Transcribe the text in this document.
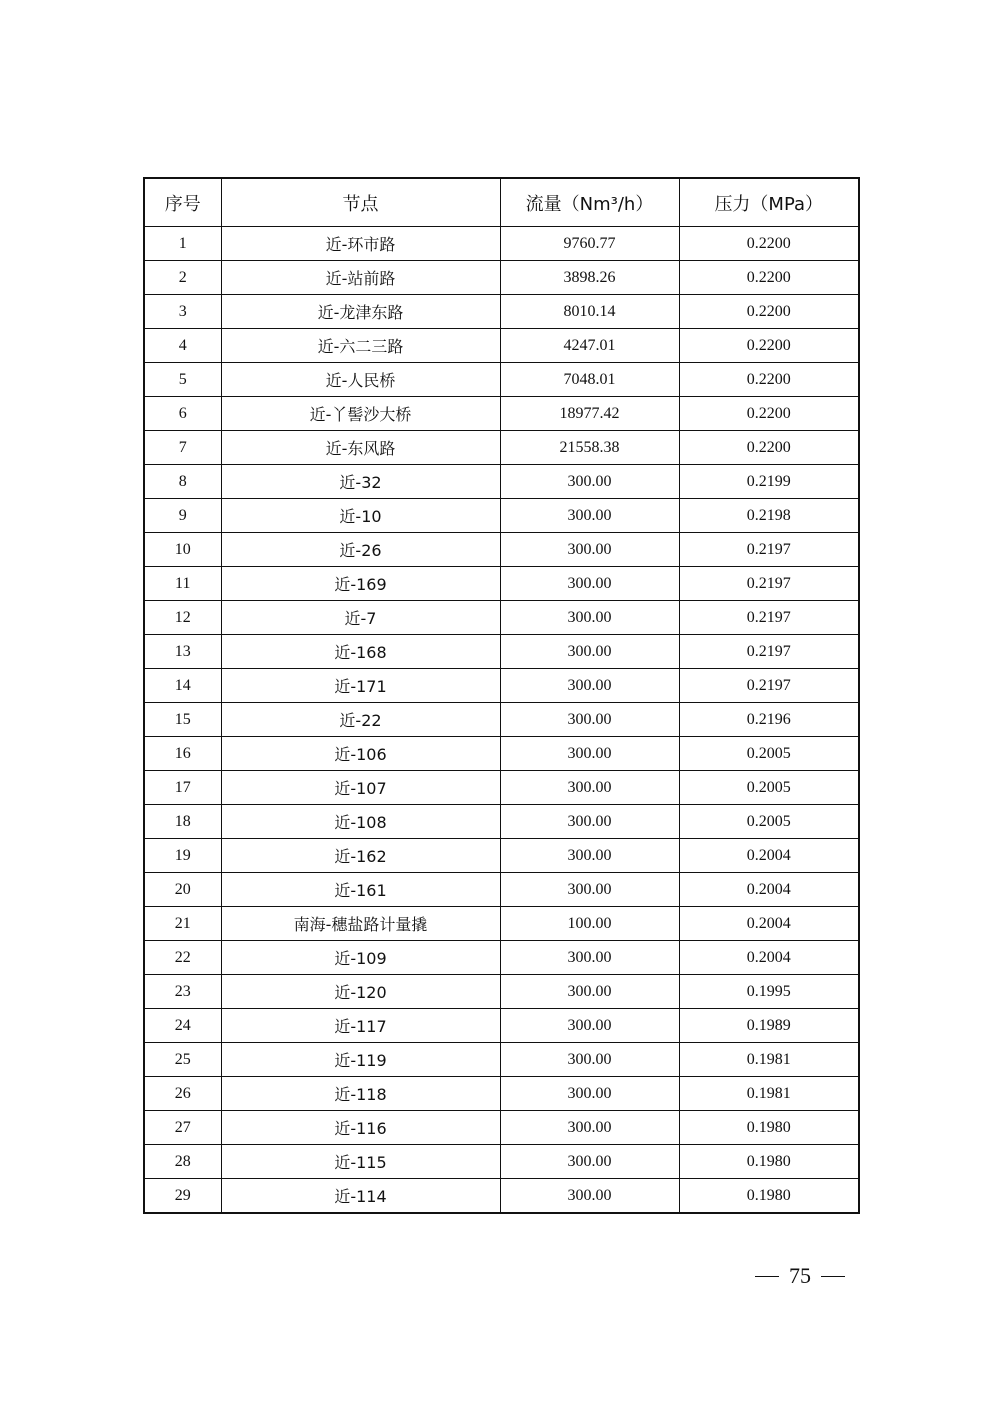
序号	节点	流量（Nm³/h）	压力（MPa）
1	近-环市路	9760.77	0.2200
2	近-站前路	3898.26	0.2200
3	近-龙津东路	8010.14	0.2200
4	近-六二三路	4247.01	0.2200
5	近-人民桥	7048.01	0.2200
6	近-丫髻沙大桥	18977.42	0.2200
7	近-东风路	21558.38	0.2200
8	近-32	300.00	0.2199
9	近-10	300.00	0.2198
10	近-26	300.00	0.2197
11	近-169	300.00	0.2197
12	近-7	300.00	0.2197
13	近-168	300.00	0.2197
14	近-171	300.00	0.2197
15	近-22	300.00	0.2196
16	近-106	300.00	0.2005
17	近-107	300.00	0.2005
18	近-108	300.00	0.2005
19	近-162	300.00	0.2004
20	近-161	300.00	0.2004
21	南海-穗盐路计量撬	100.00	0.2004
22	近-109	300.00	0.2004
23	近-120	300.00	0.1995
24	近-117	300.00	0.1989
25	近-119	300.00	0.1981
26	近-118	300.00	0.1981
27	近-116	300.00	0.1980
28	近-115	300.00	0.1980
29	近-114	300.00	0.1980
75
